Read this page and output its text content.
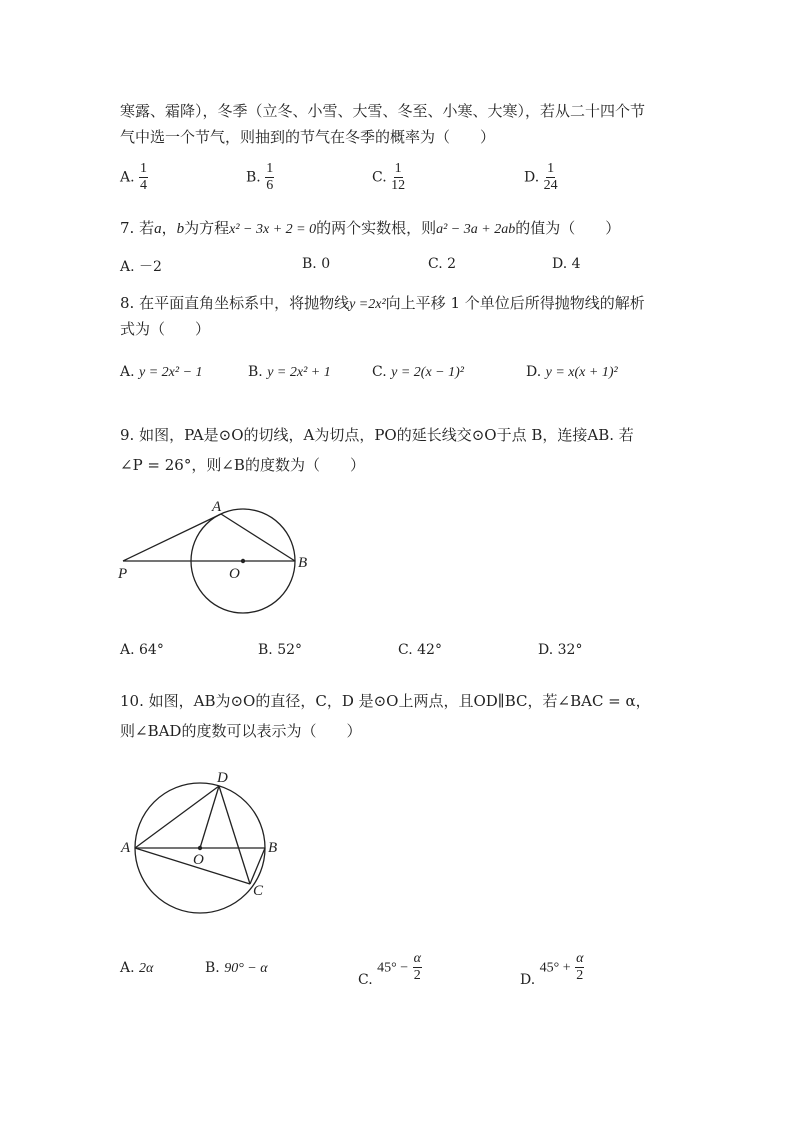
寒露、霜降），冬季（立冬、小雪、大雪、冬至、小寒、大寒），若从二十四个节
气中选一个节气，则抽到的节气在冬季的概率为（　　）
A. $\frac{1}{4}$	B. $\frac{1}{6}$	C. $\frac{1}{12}$	D. $\frac{1}{24}$
7. 若a，b为方程x² − 3x + 2 = 0的两个实数根，则a² − 3a + 2ab的值为（　　）
A. －2	B. 0	C. 2	D. 4
8. 在平面直角坐标系中，将抛物线y =2x²向上平移 1 个单位后所得抛物线的解析
式为（　　）
A. y = 2x² − 1	B. y = 2x² + 1	C. y = 2(x − 1)²	D. y = x(x + 1)²
9. 如图，PA是⊙O的切线，A为切点，PO的延长线交⊙O于点 B，连接AB. 若
∠P = 26°，则∠B的度数为（　　）
A
P	O
B
A. 64°	B. 52°	C. 42°	D. 32°
10. 如图，AB为⊙O的直径，C，D 是⊙O上两点，且OD∥BC，若∠BAC = α，
则∠BAD的度数可以表示为（　　）
D
A	B
O
C
A. 2α	B. 90° − α
C. $45^\circ - \frac{\alpha}{2}$	D. $45^\circ + \frac{\alpha}{2}$
